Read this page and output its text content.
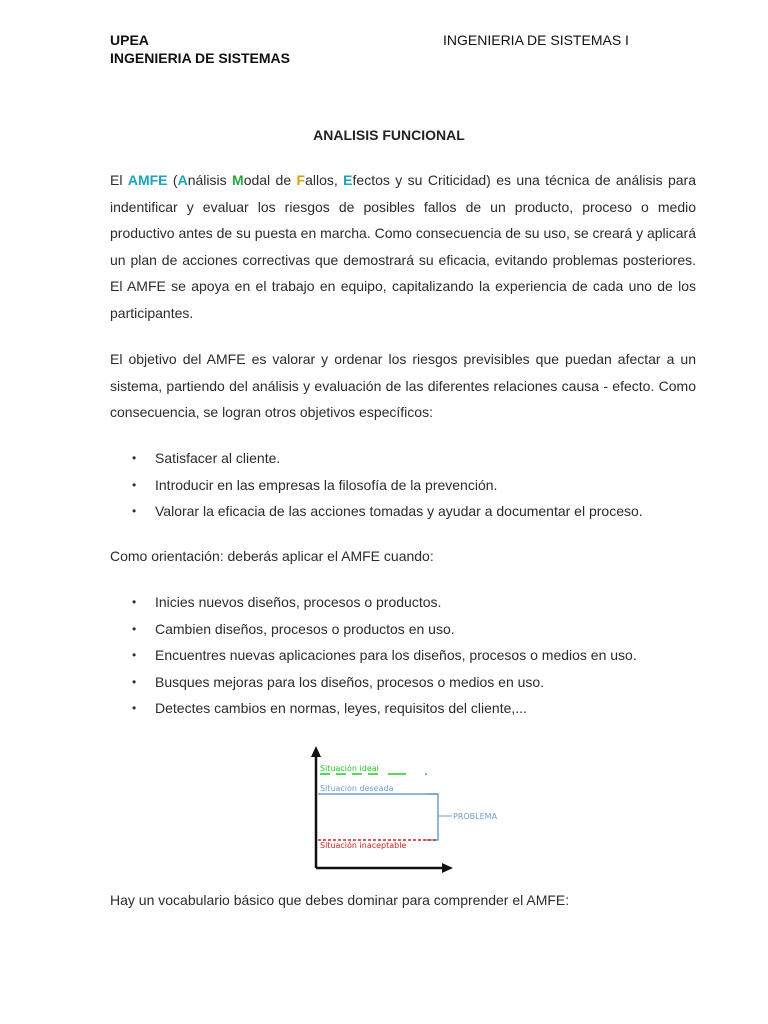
UPEA
INGENIERIA DE SISTEMAS
INGENIERIA DE SISTEMAS I
ANALISIS FUNCIONAL

El AMFE (Análisis Modal de Fallos, Efectos y su Criticidad) es una técnica de análisis para indentificar y evaluar los riesgos de posibles fallos de un producto, proceso o medio productivo antes de su puesta en marcha. Como consecuencia de su uso, se creará y aplicará un plan de acciones correctivas que demostrará su eficacia, evitando problemas posteriores. El AMFE se apoya en el trabajo en equipo, capitalizando la experiencia de cada uno de los participantes.

El objetivo del AMFE es valorar y ordenar los riesgos previsibles que puedan afectar a un sistema, partiendo del análisis y evaluación de las diferentes relaciones causa - efecto. Como consecuencia, se logran otros objetivos específicos:

• Satisfacer al cliente.
• Introducir en las empresas la filosofía de la prevención.
• Valorar la eficacia de las acciones tomadas y ayudar a documentar el proceso.

Como orientación: deberás aplicar el AMFE cuando:

• Inicies nuevos diseños, procesos o productos.
• Cambien diseños, procesos o productos en uso.
• Encuentres nuevas aplicaciones para los diseños, procesos o medios en uso.
• Busques mejoras para los diseños, procesos o medios en uso.
• Detectes cambios en normas, leyes, requisitos del cliente,...
Situación ideal
Situacion deseada
PROBLEMA
Situación inaceptable

Hay un vocabulario básico que debes dominar para comprender el AMFE:
